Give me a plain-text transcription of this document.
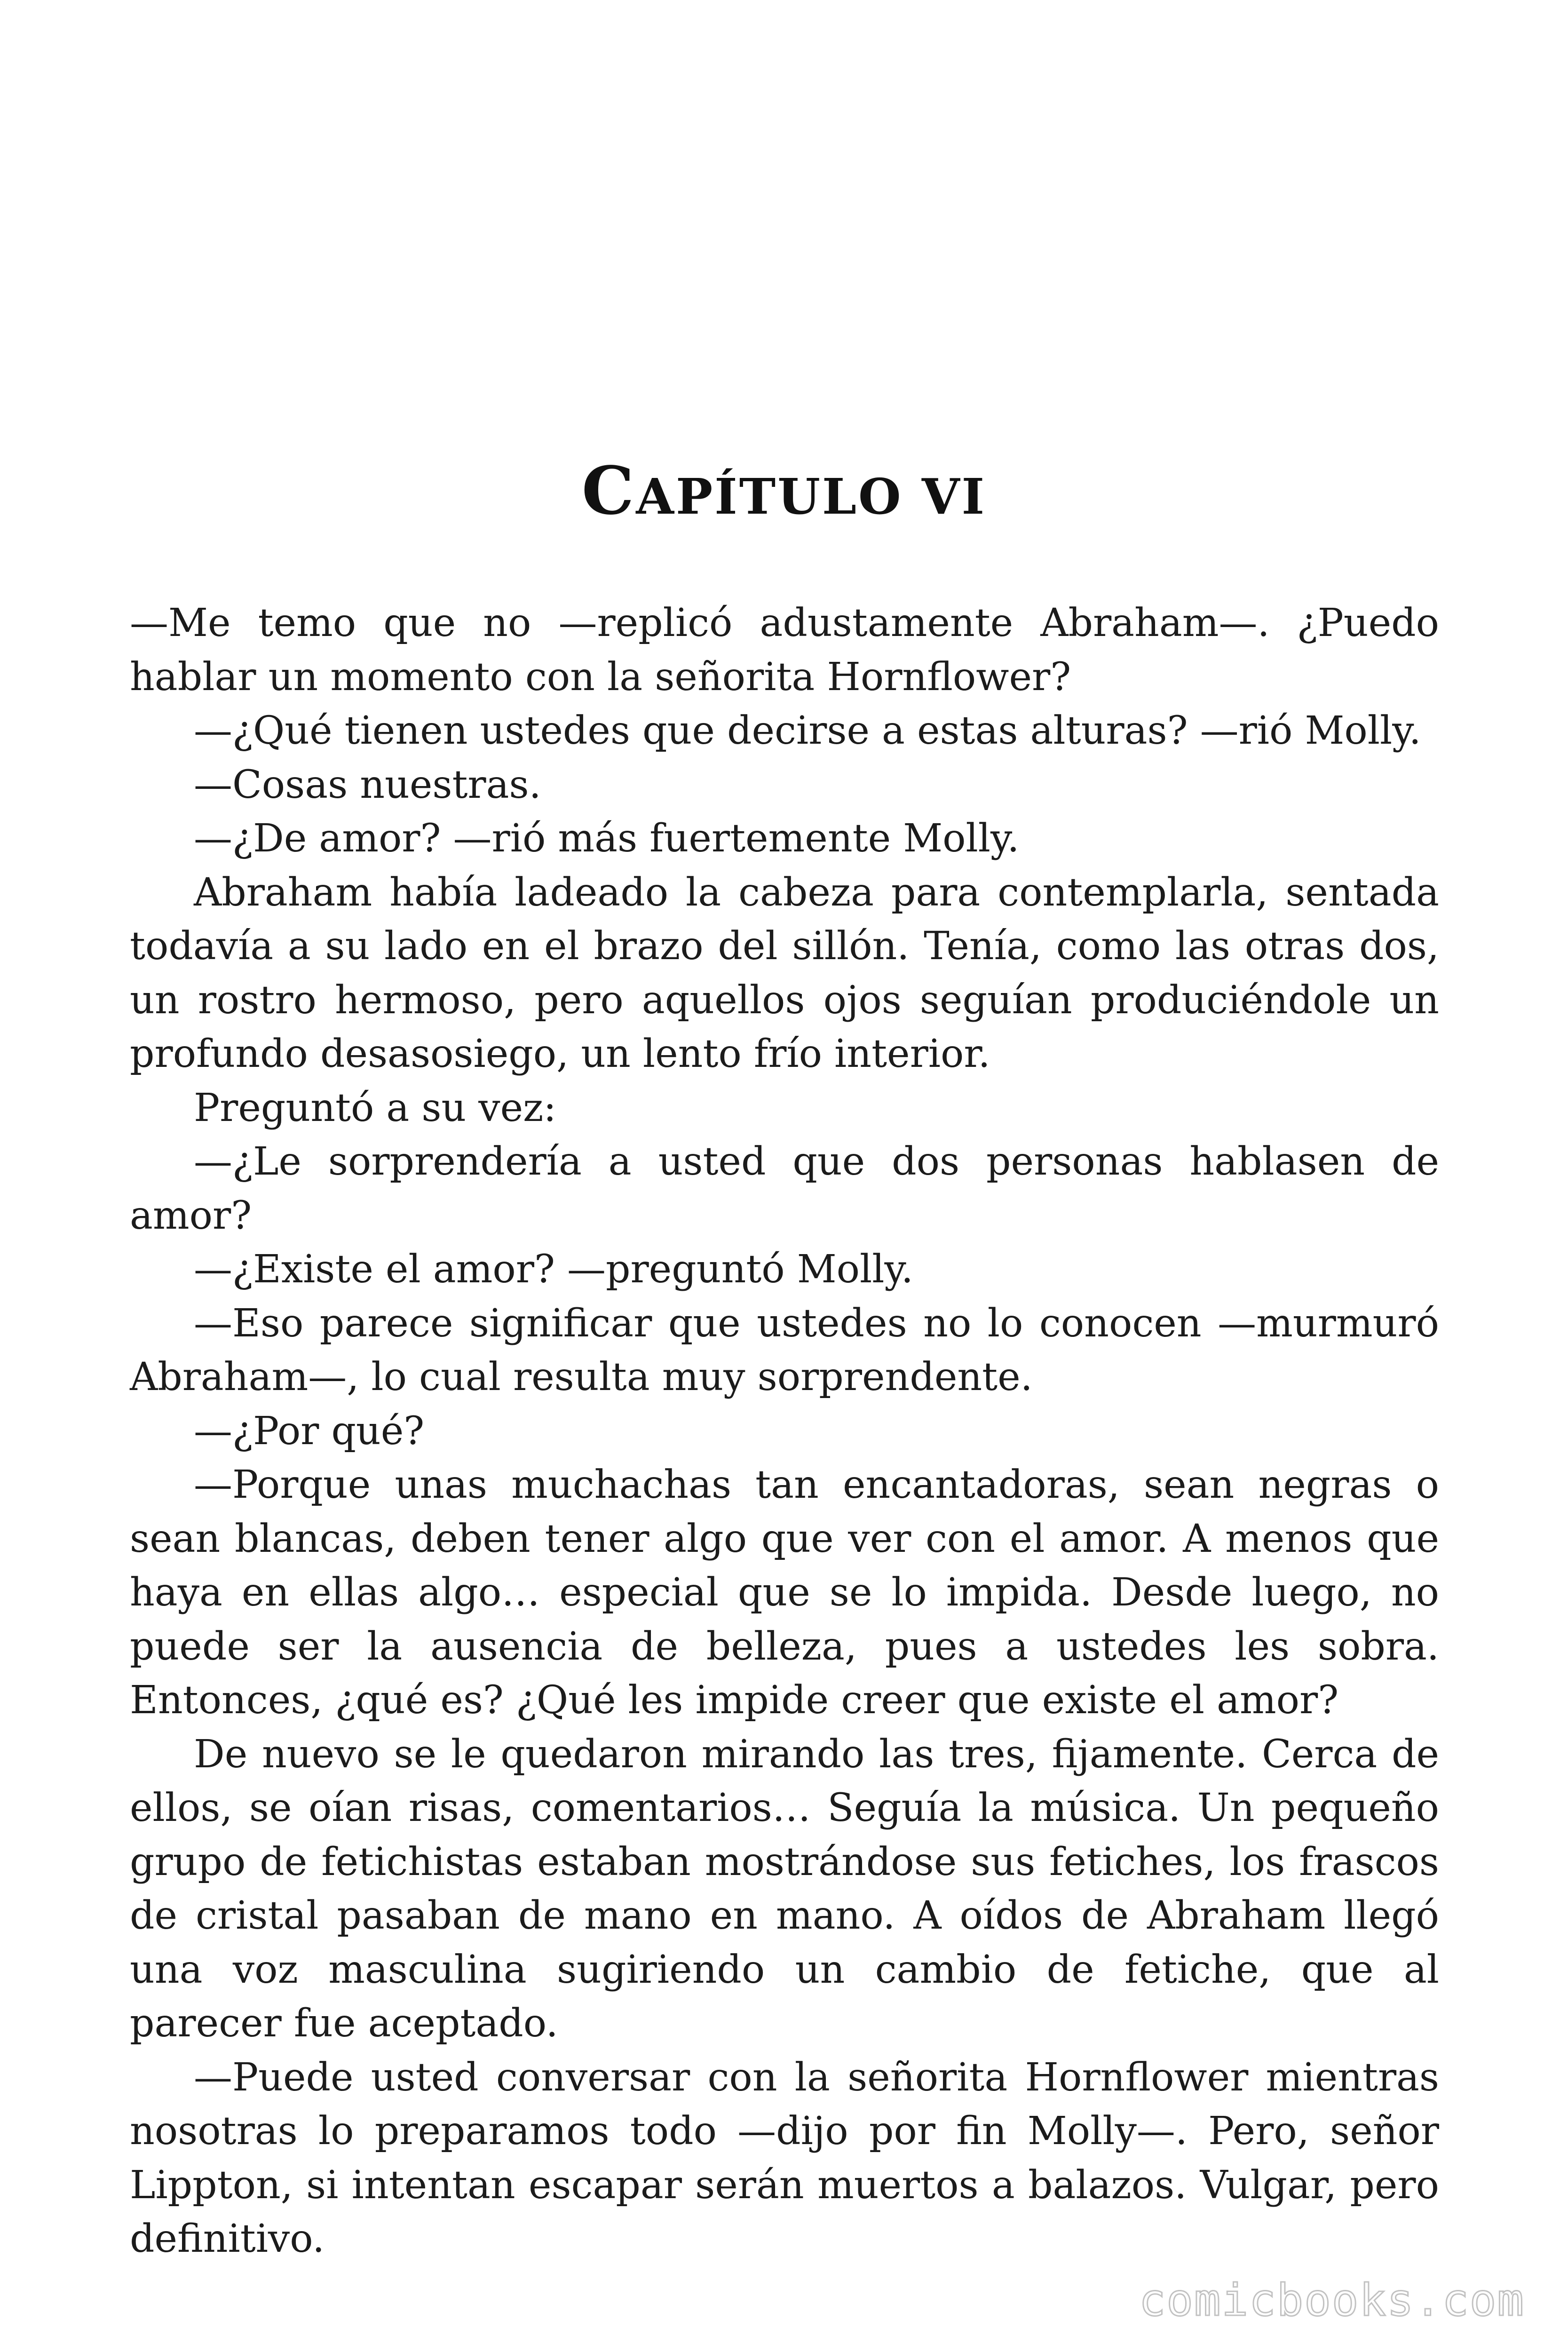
CAPÍTULO VI

—Me temo que no —replicó adustamente Abraham—. ¿Puedo hablar un momento con la señorita Hornflower?

—¿Qué tienen ustedes que decirse a estas alturas? —rió Molly.

—Cosas nuestras.

—¿De amor? —rió más fuertemente Molly.

Abraham había ladeado la cabeza para contemplarla, sentada todavía a su lado en el brazo del sillón. Tenía, como las otras dos, un rostro hermoso, pero aquellos ojos seguían produciéndole un profundo desasosiego, un lento frío interior.

Preguntó a su vez:

—¿Le sorprendería a usted que dos personas hablasen de amor?

—¿Existe el amor? —preguntó Molly.

—Eso parece significar que ustedes no lo conocen —murmuró Abraham—, lo cual resulta muy sorprendente.

—¿Por qué?

—Porque unas muchachas tan encantadoras, sean negras o sean blancas, deben tener algo que ver con el amor. A menos que haya en ellas algo… especial que se lo impida. Desde luego, no puede ser la ausencia de belleza, pues a ustedes les sobra. Entonces, ¿qué es? ¿Qué les impide creer que existe el amor?

De nuevo se le quedaron mirando las tres, fijamente. Cerca de ellos, se oían risas, comentarios… Seguía la música. Un pequeño grupo de fetichistas estaban mostrándose sus fetiches, los frascos de cristal pasaban de mano en mano. A oídos de Abraham llegó una voz masculina sugiriendo un cambio de fetiche, que al parecer fue aceptado.

—Puede usted conversar con la señorita Hornflower mientras nosotras lo preparamos todo —dijo por fin Molly—. Pero, señor Lippton, si intentan escapar serán muertos a balazos. Vulgar, pero definitivo.

comicbooks.com
